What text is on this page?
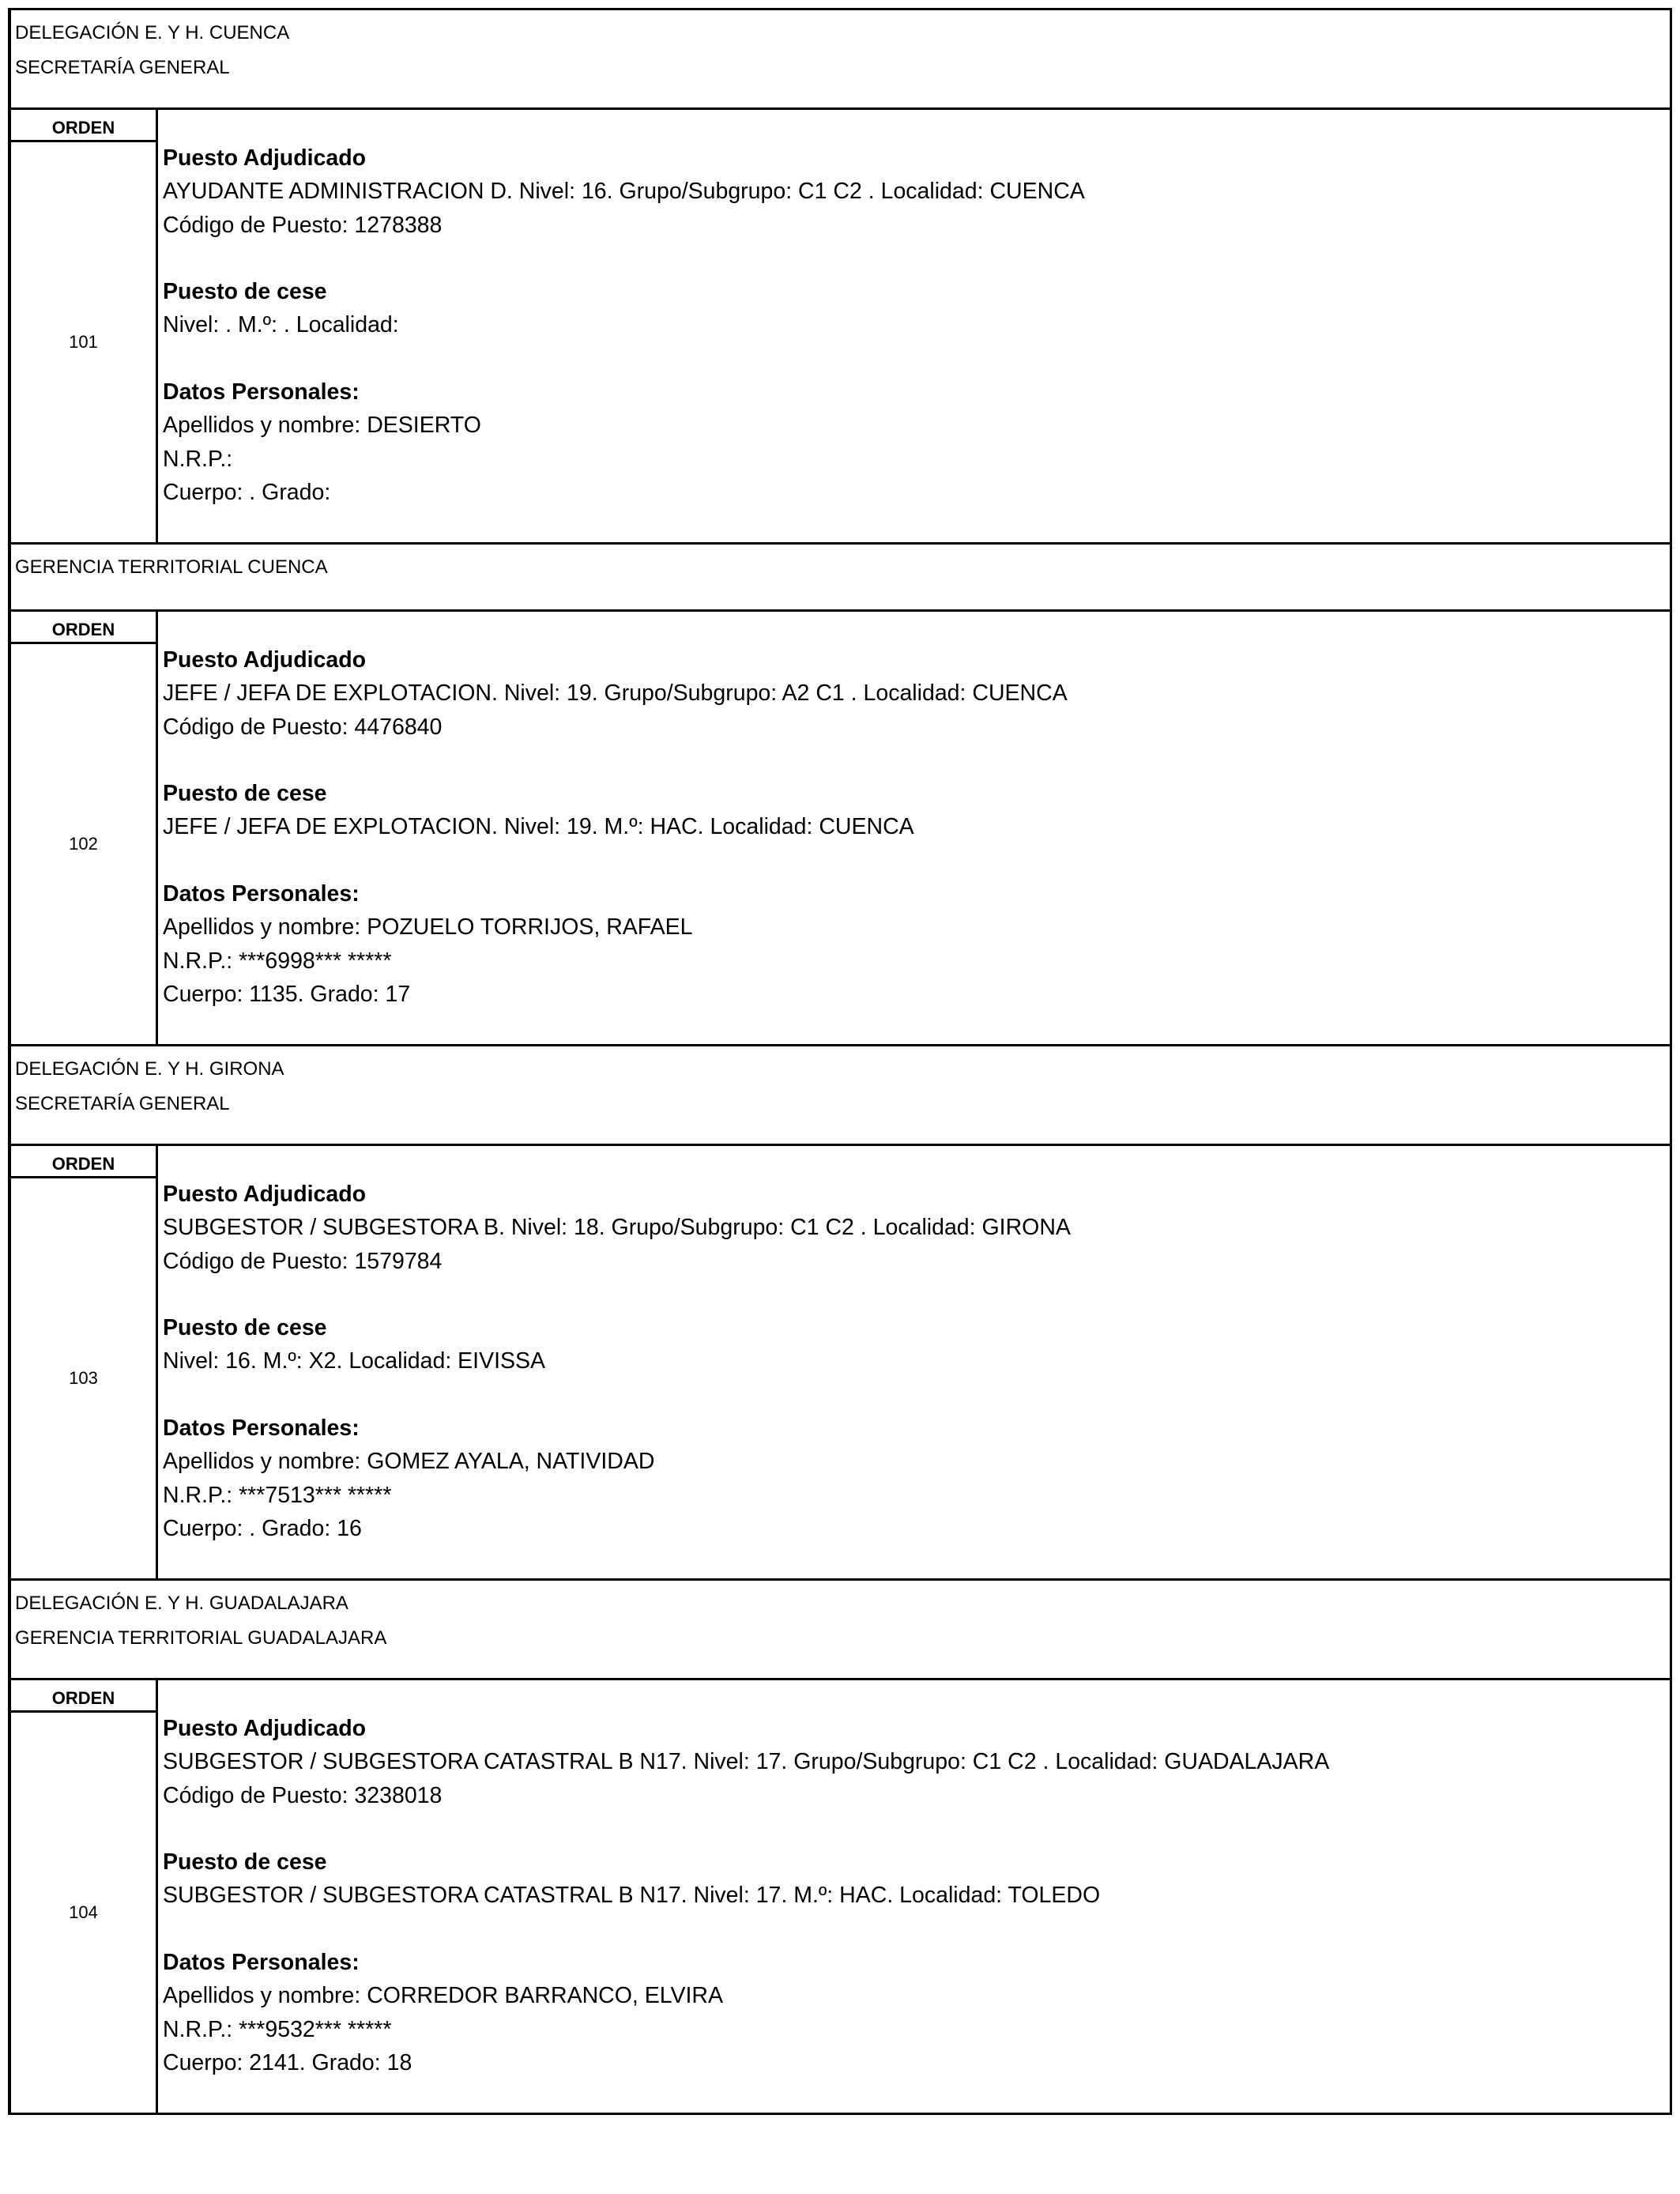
DELEGACIÓN E. Y H. CUENCA
SECRETARÍA GENERAL
ORDEN
101
Puesto Adjudicado
AYUDANTE ADMINISTRACION D. Nivel: 16. Grupo/Subgrupo: C1 C2 . Localidad: CUENCA
Código de Puesto: 1278388
Puesto de cese
Nivel: . M.º: . Localidad:
Datos Personales:
Apellidos y nombre: DESIERTO
N.R.P.:
Cuerpo: . Grado:
GERENCIA TERRITORIAL CUENCA
ORDEN
102
Puesto Adjudicado
JEFE / JEFA DE EXPLOTACION. Nivel: 19. Grupo/Subgrupo: A2 C1 . Localidad: CUENCA
Código de Puesto: 4476840
Puesto de cese
JEFE / JEFA DE EXPLOTACION. Nivel: 19. M.º: HAC. Localidad: CUENCA
Datos Personales:
Apellidos y nombre: POZUELO TORRIJOS, RAFAEL
N.R.P.: ***6998*** *****
Cuerpo: 1135. Grado: 17
DELEGACIÓN E. Y H. GIRONA
SECRETARÍA GENERAL
ORDEN
103
Puesto Adjudicado
SUBGESTOR / SUBGESTORA B. Nivel: 18. Grupo/Subgrupo: C1 C2 . Localidad: GIRONA
Código de Puesto: 1579784
Puesto de cese
Nivel: 16. M.º: X2. Localidad: EIVISSA
Datos Personales:
Apellidos y nombre: GOMEZ AYALA, NATIVIDAD
N.R.P.: ***7513*** *****
Cuerpo: . Grado: 16
DELEGACIÓN E. Y H. GUADALAJARA
GERENCIA TERRITORIAL GUADALAJARA
ORDEN
104
Puesto Adjudicado
SUBGESTOR / SUBGESTORA CATASTRAL B N17. Nivel: 17. Grupo/Subgrupo: C1 C2 . Localidad: GUADALAJARA
Código de Puesto: 3238018
Puesto de cese
SUBGESTOR / SUBGESTORA CATASTRAL B N17. Nivel: 17. M.º: HAC. Localidad: TOLEDO
Datos Personales:
Apellidos y nombre: CORREDOR BARRANCO, ELVIRA
N.R.P.: ***9532*** *****
Cuerpo: 2141. Grado: 18
